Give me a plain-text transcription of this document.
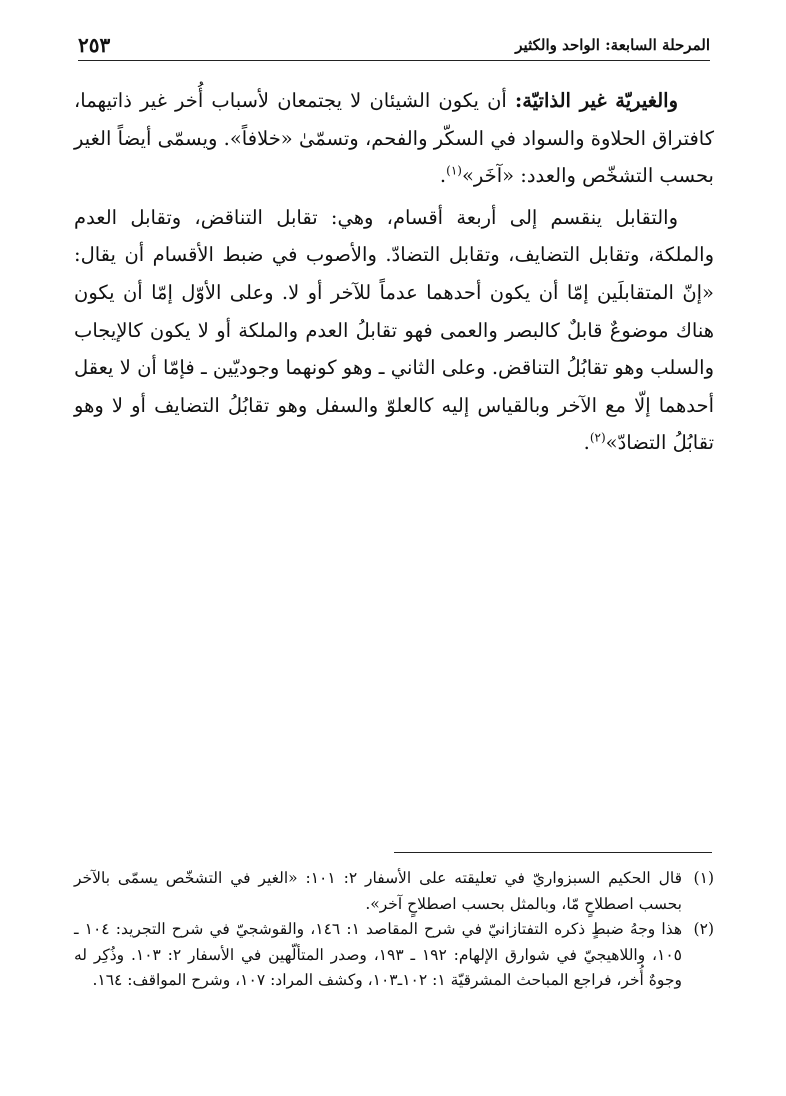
٢٥٣	المرحلة السابعة: الواحد والكثير

والغيريّة غير الذاتيّة: أن يكون الشيئان لا يجتمعان لأسباب أُخر غير ذاتيهما، كافتراق الحلاوة والسواد في السكّر والفحم، وتسمّىٰ «خلافاً». ويسمّى أيضاً الغير بحسب التشخّص والعدد: «آخَر»$^{(١)}$.

والتقابل ينقسم إلى أربعة أقسام، وهي: تقابل التناقض، وتقابل العدم والملكة، وتقابل التضايف، وتقابل التضادّ. والأصوب في ضبط الأقسام أن يقال: «إنّ المتقابلَين إمّا أن يكون أحدهما عدماً للآخر أو لا. وعلى الأوّل إمّا أن يكون هناك موضوعٌ قابلٌ كالبصر والعمى فهو تقابلُ العدم والملكة أو لا يكون كالإيجاب والسلب وهو تقابُلُ التناقض. وعلى الثاني ـ وهو كونهما وجوديّين ـ فإمّا أن لا يعقل أحدهما إلّا مع الآخر وبالقياس إليه كالعلوّ والسفل وهو تقابُلُ التضايف أو لا وهو تقابُلُ التضادّ»$^{(٢)}$.

(١)
قال الحكيم السبزواريّ في تعليقته على الأسفار ٢: ١٠١: «الغير في التشخّص يسمّى بالآخر بحسب اصطلاحٍ مّا، وبالمثل بحسب اصطلاحٍ آخر».

(٢)
هذا وجهُ ضبطٍ ذكره التفتازانيّ في شرح المقاصد ١: ١٤٦، والقوشجيّ في شرح التجريد: ١٠٤ ـ ١٠٥، واللاهيجيّ في شوارق الإلهام: ١٩٢ ـ ١٩٣، وصدر المتألّهين في الأسفار ٢: ١٠٣. وذُكِر له وجوهٌ أُخر، فراجع المباحث المشرقيّة ١: ١٠٢ـ١٠٣، وكشف المراد: ١٠٧، وشرح المواقف: ١٦٤.
